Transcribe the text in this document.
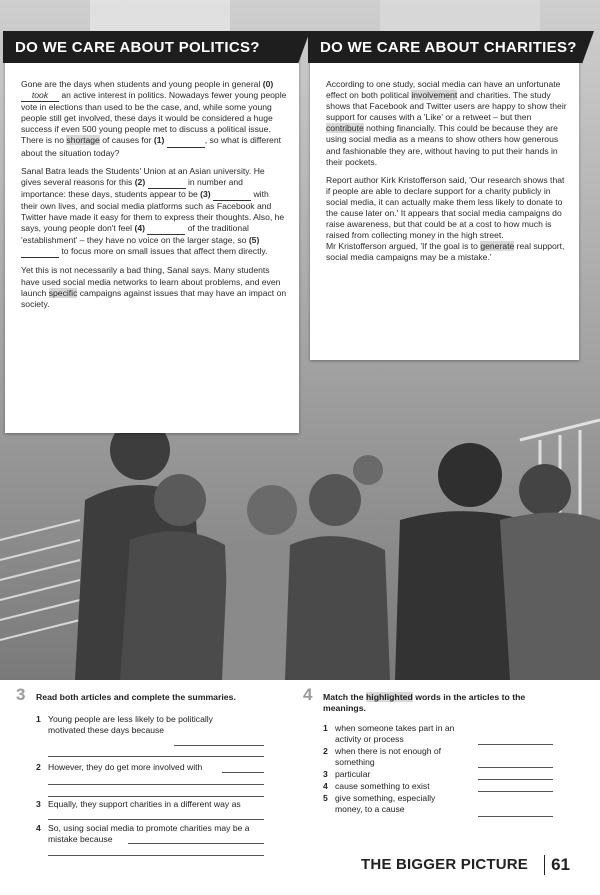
DO WE CARE ABOUT POLITICS?

Gone are the days when students and young people in general (0) took an active interest in politics. Nowadays fewer young people vote in elections than used to be the case, and, while some young people still get involved, these days it would be considered a huge success if even 500 young people met to discuss a political issue. There is no shortage of causes for (1)	, so what is different about the situation today?

Sanal Batra leads the Students' Union at an Asian university. He gives several reasons for this (2)	in number and importance: these days, students appear to be (3)	with their own lives, and social media platforms such as Facebook and Twitter have made it easy for them to express their thoughts. Also, he says, young people don't feel (4)	of the traditional 'establishment' – they have no voice on the larger stage, so (5)   to focus more on small issues that affect them directly.

Yet this is not necessarily a bad thing, Sanal says. Many students have used social media networks to learn about problems, and even launch specific campaigns against issues that may have an impact on society.

DO WE CARE ABOUT CHARITIES?

According to one study, social media can have an unfortunate effect on both political involvement and charities. The study shows that Facebook and Twitter users are happy to show their support for causes with a 'Like' or a retweet – but then contribute nothing financially. This could be because they are using social media as a means to show others how generous and fashionable they are, without having to put their hands in their pockets.

Report author Kirk Kristofferson said, 'Our research shows that if people are able to declare support for a charity publicly in social media, it can actually make them less likely to donate to the cause later on.' It appears that social media campaigns do raise awareness, but that could be at a cost to how much is raised from collecting money in the high street.

Mr Kristofferson argued, 'If the goal is to generate real support, social media campaigns may be a mistake.'

3 Read both articles and complete the summaries.
1 Young people are less likely to be politically motivated these days because
2 However, they do get more involved with
3 Equally, they support charities in a different way as
4 So, using social media to promote charities may be a mistake because
4 Match the highlighted words in the articles to the meanings.
1 when someone takes part in an activity or process
2 when there is not enough of something
3 particular
4 cause something to exist
5 give something, especially money, to a cause
THE BIGGER PICTURE	61
